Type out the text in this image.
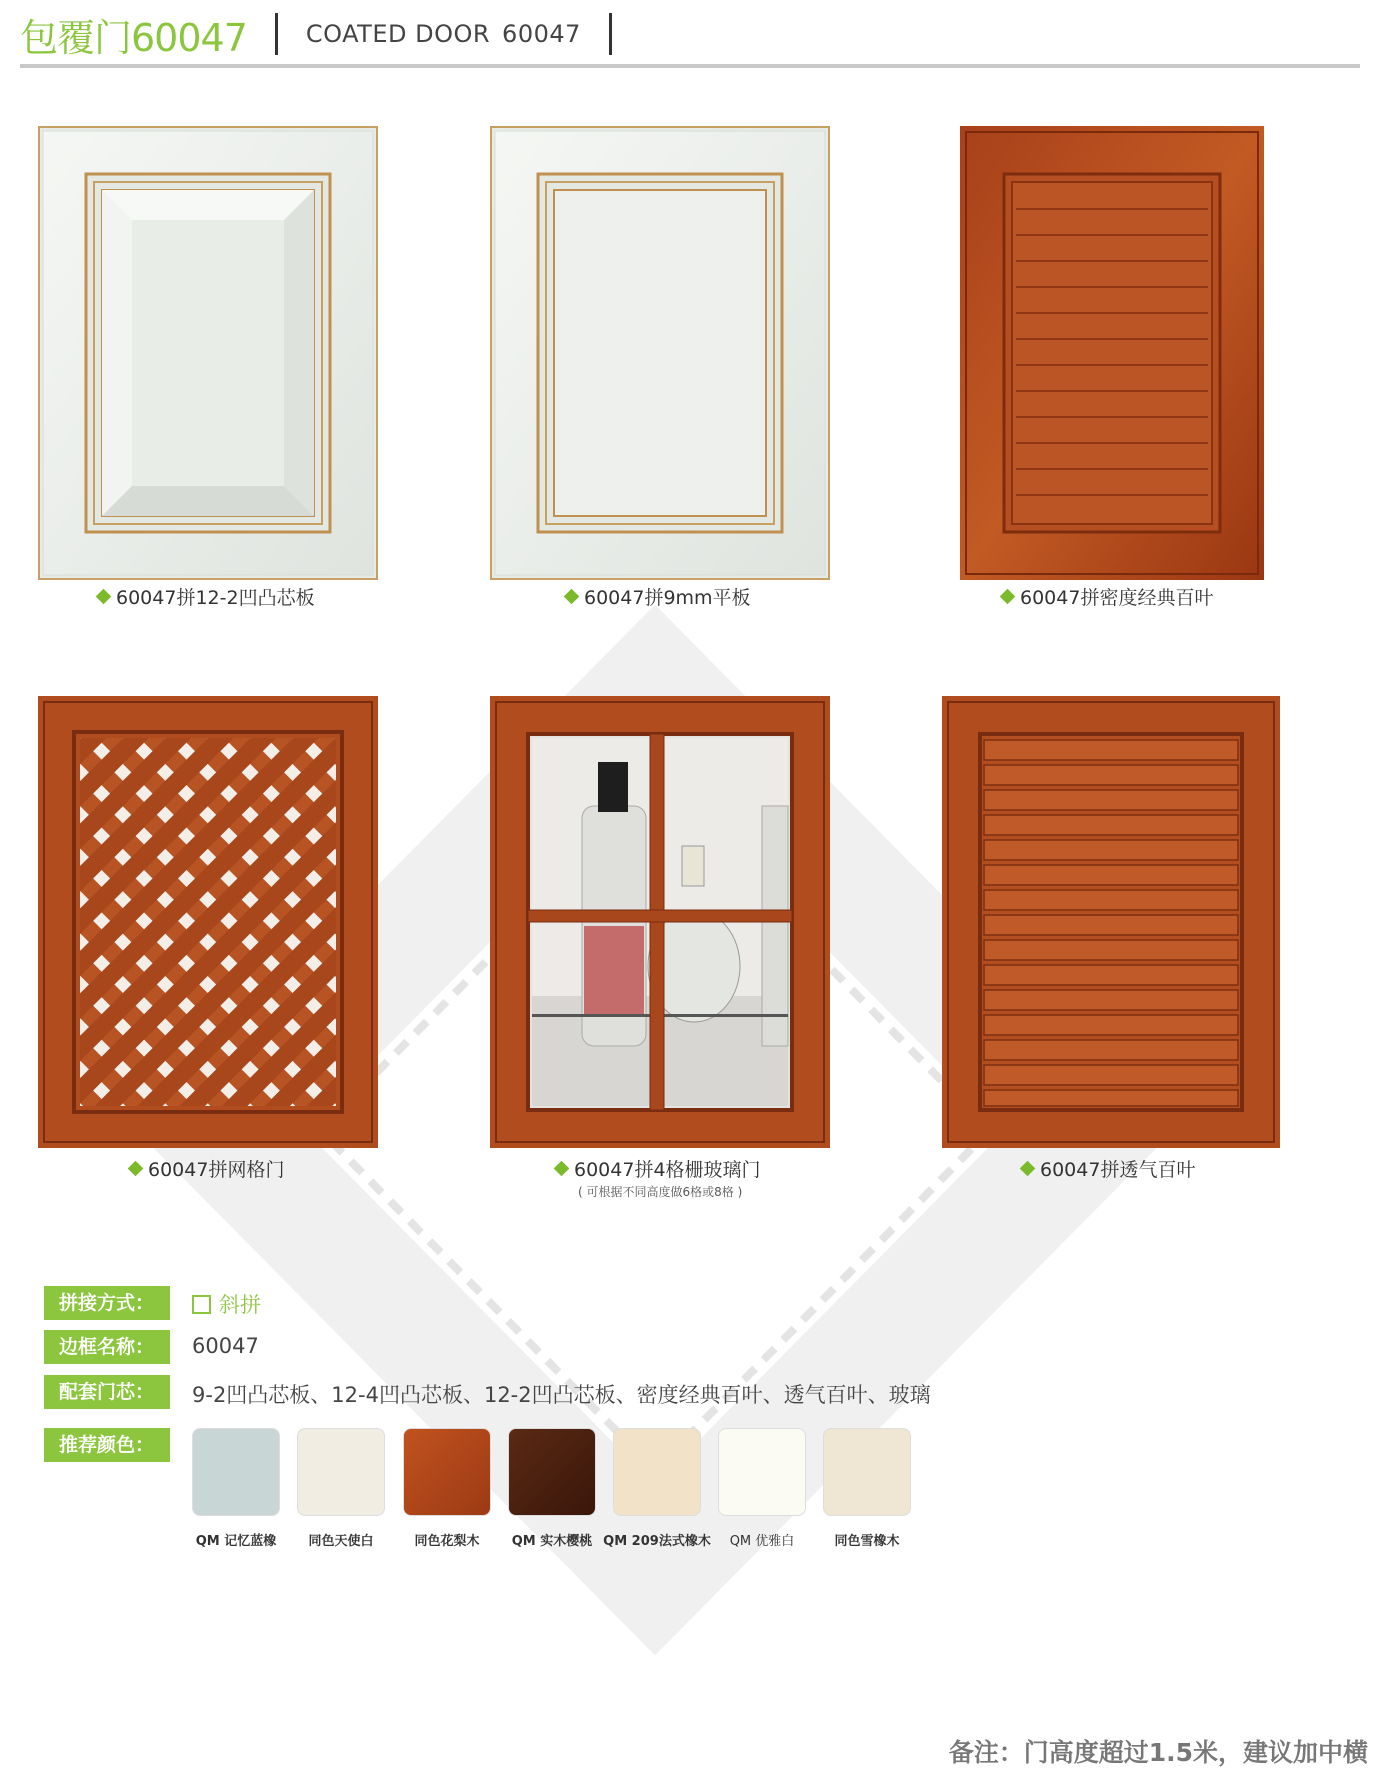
包覆门60047 COATED DOOR 60047
60047拼12-2凹凸芯板	60047拼9mm平板	60047拼密度经典百叶
60047拼网格门	60047拼4格栅玻璃门
( 可根据不同高度做6格或8格 )
60047拼透气百叶
拼接方式：	斜拼
边框名称：	60047
配套门芯：	9-2凹凸芯板、12-4凹凸芯板、12-2凹凸芯板、密度经典百叶、透气百叶、玻璃
推荐颜色：
QM 记忆蓝橡	同色天使白	同色花梨木	QM 实木樱桃 QM 209法式橡木	QM 优雅白	同色雪橡木
备注：门高度超过1.5米，建议加中横
